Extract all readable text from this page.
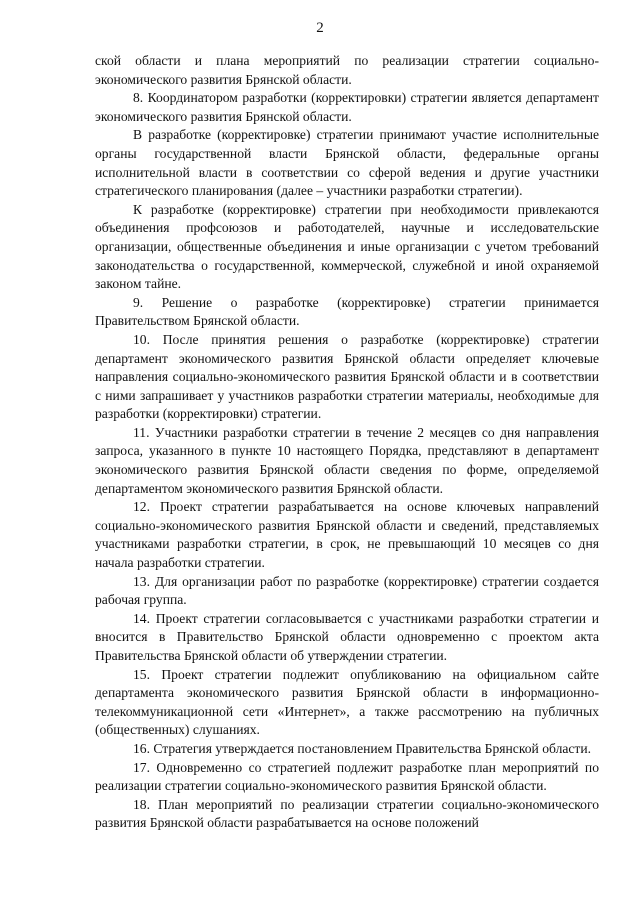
2

ской области и плана мероприятий по реализации стратегии социально-экономического развития Брянской области.

8. Координатором разработки (корректировки) стратегии является департамент экономического развития Брянской области.

В разработке (корректировке) стратегии принимают участие исполнительные органы государственной власти Брянской области, федеральные органы исполнительной власти в соответствии со сферой ведения и другие участники стратегического планирования (далее – участники разработки стратегии).

К разработке (корректировке) стратегии при необходимости привлекаются объединения профсоюзов и работодателей, научные и исследовательские организации, общественные объединения и иные организации с учетом требований законодательства о государственной, коммерческой, служебной и иной охраняемой законом тайне.

9. Решение о разработке (корректировке) стратегии принимается Правительством Брянской области.

10. После принятия решения о разработке (корректировке) стратегии департамент экономического развития Брянской области определяет ключевые направления социально-экономического развития Брянской области и в соответствии с ними запрашивает у участников разработки стратегии материалы, необходимые для разработки (корректировки) стратегии.

11. Участники разработки стратегии в течение 2 месяцев со дня направления запроса, указанного в пункте 10 настоящего Порядка, представляют в департамент экономического развития Брянской области сведения по форме, определяемой департаментом экономического развития Брянской области.

12. Проект стратегии разрабатывается на основе ключевых направлений социально-экономического развития Брянской области и сведений, представляемых участниками разработки стратегии, в срок, не превышающий 10 месяцев со дня начала разработки стратегии.

13. Для организации работ по разработке (корректировке) стратегии создается рабочая группа.

14. Проект стратегии согласовывается с участниками разработки стратегии и вносится в Правительство Брянской области одновременно с проектом акта Правительства Брянской области об утверждении стратегии.

15. Проект стратегии подлежит опубликованию на официальном сайте департамента экономического развития Брянской области в информационно-телекоммуникационной сети «Интернет», а также рассмотрению на публичных (общественных) слушаниях.

16. Стратегия утверждается постановлением Правительства Брянской области.

17. Одновременно со стратегией подлежит разработке план мероприятий по реализации стратегии социально-экономического развития Брянской области.

18. План мероприятий по реализации стратегии социально-экономического развития Брянской области разрабатывается на основе положений
